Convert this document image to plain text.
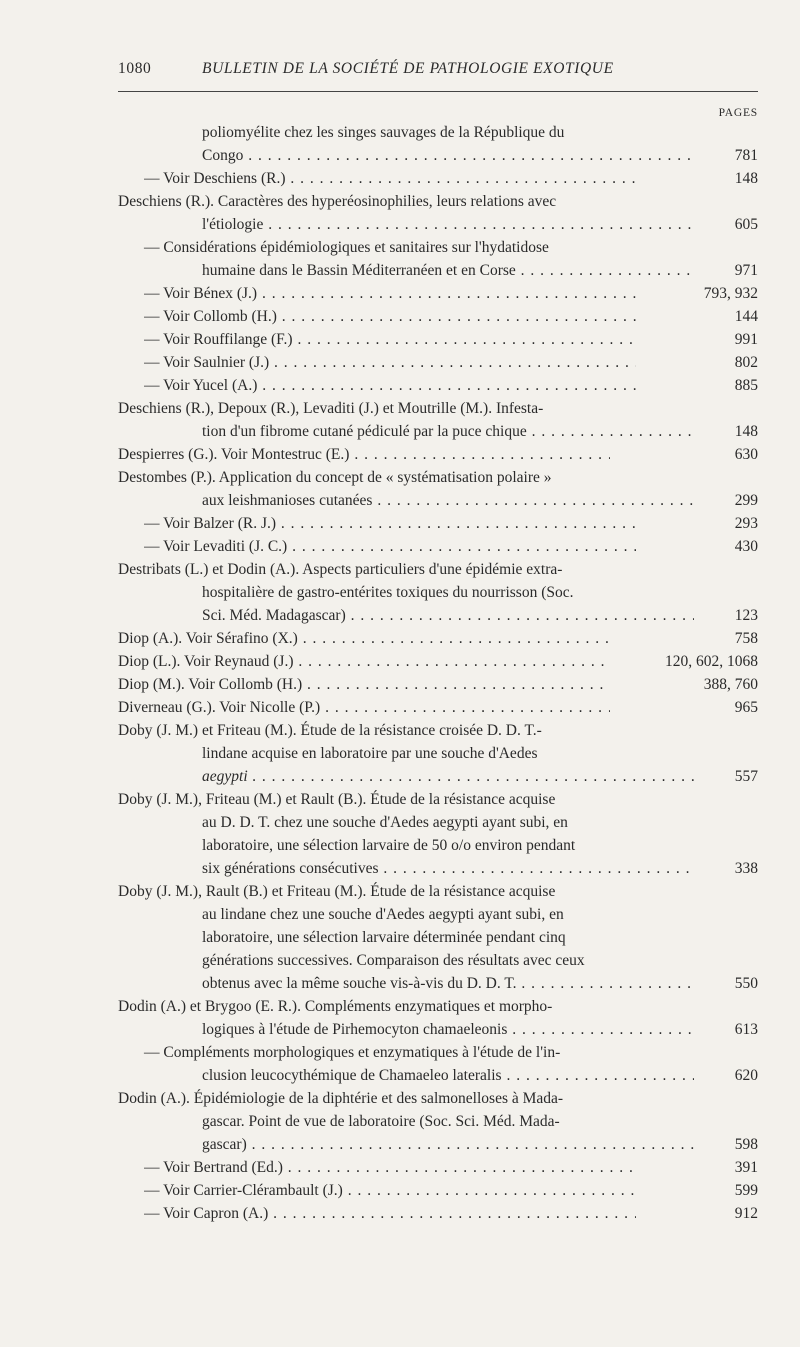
1080	BULLETIN DE LA SOCIÉTÉ DE PATHOLOGIE EXOTIQUE
PAGES
poliomyélite chez les singes sauvages de la République du
Congo . . .	781
— Voir Deschiens (R.) . . .	148
Deschiens (R.). Caractères des hyperéosinophilies, leurs relations avec
l'étiologie . . .	605
— Considérations épidémiologiques et sanitaires sur l'hydatidose
humaine dans le Bassin Méditerranéen et en Corse . . .	971
— Voir Bénex (J.) . . .	793, 932
— Voir Collomb (H.) . . .	144
— Voir Rouffilange (F.) . . .	991
— Voir Saulnier (J.) . . .	802
— Voir Yucel (A.) . . .	885
Deschiens (R.), Depoux (R.), Levaditi (J.) et Moutrille (M.). Infesta-
tion d'un fibrome cutané pédiculé par la puce chique . . .	148
Despierres (G.). Voir Montestruc (E.) . . .	630
Destombes (P.). Application du concept de « systématisation polaire »
aux leishmanioses cutanées . . .	299
— Voir Balzer (R. J.) . . .	293
— Voir Levaditi (J. C.) . . .	430
Destribats (L.) et Dodin (A.). Aspects particuliers d'une épidémie extra-
hospitalière de gastro-entérites toxiques du nourrisson (Soc.
Sci. Méd. Madagascar) . . .	123
Diop (A.). Voir Sérafino (X.) . . .	758
Diop (L.). Voir Reynaud (J.) . . .	120, 602, 1068
Diop (M.). Voir Collomb (H.) . . .	388, 760
Diverneau (G.). Voir Nicolle (P.) . . .	965
Doby (J. M.) et Friteau (M.). Étude de la résistance croisée D. D. T.-
lindane acquise en laboratoire par une souche d'Aedes
aegypti . . .	557
Doby (J. M.), Friteau (M.) et Rault (B.). Étude de la résistance acquise
au D. D. T. chez une souche d'Aedes aegypti ayant subi, en
laboratoire, une sélection larvaire de 50 o/o environ pendant
six générations consécutives . . .	338
Doby (J. M.), Rault (B.) et Friteau (M.). Étude de la résistance acquise
au lindane chez une souche d'Aedes aegypti ayant subi, en
laboratoire, une sélection larvaire déterminée pendant cinq
générations successives. Comparaison des résultats avec ceux
obtenus avec la même souche vis-à-vis du D. D. T. . . .	550
Dodin (A.) et Brygoo (E. R.). Compléments enzymatiques et morpho-
logiques à l'étude de Pirhemocyton chamaeleonis . . .	613
— Compléments morphologiques et enzymatiques à l'étude de l'in-
clusion leucocythémique de Chamaeleo lateralis . . .	620
Dodin (A.). Épidémiologie de la diphtérie et des salmonelloses à Mada-
gascar. Point de vue de laboratoire (Soc. Sci. Méd. Mada-
gascar) . . .	598
— Voir Bertrand (Ed.) . . .	391
— Voir Carrier-Clérambault (J.) . . .	599
— Voir Capron (A.) . . .	912
